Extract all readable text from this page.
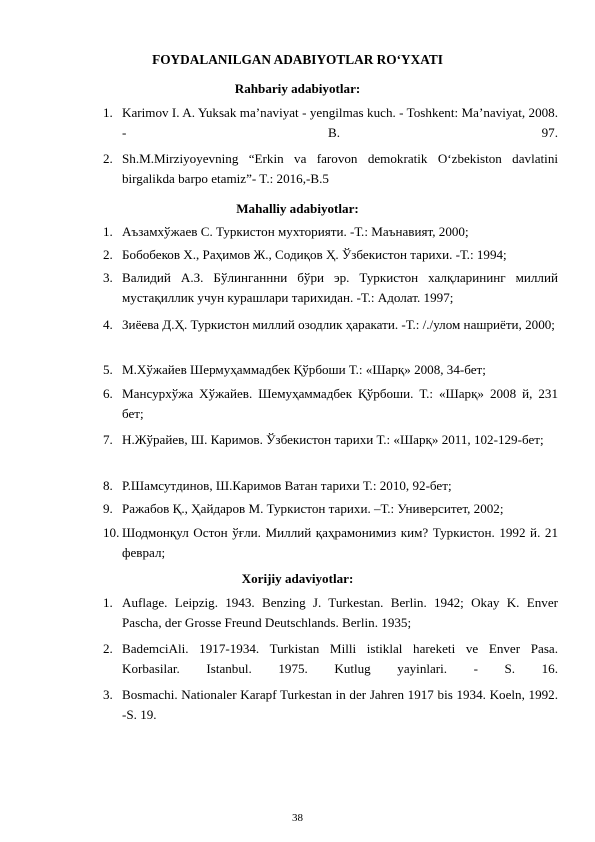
FOYDALANILGAN ADABIYOTLAR RO‘YXATI
Rahbariy adabiyotlar:
1. Karimov I. A. Yuksak ma’naviyat - yengilmas kuch. - Toshkent: Ma’naviyat, 2008. - B. 97.
2. Sh.M.Mirziyoyevning “Erkin va farovon demokratik O‘zbekiston davlatini birgalikda barpo etamiz”- T.: 2016,-B.5
Mahalliy adabiyotlar:
1. Аъзамхўжаев С. Туркистон мухторияти. -Т.: Маънавият, 2000;
2. Бобобеков Х., Раҳимов Ж., Содиқов Ҳ. Ўзбекистон тарихи. -Т.: 1994;
3. Валидий А.З. Бўлинганнни бўри эр. Туркистон халқларининг миллий мустақиллик учун курашлари тарихидан. -Т.: Адолат. 1997;
4. Зиёева Д.Ҳ. Туркистон миллий озодлик ҳаракати. -Т.: /./улом нашриёти, 2000;
5. М.Хўжайев Шермуҳаммадбек Қўрбоши Т.: «Шарқ» 2008, 34-бет;
6. Мансурхўжа Хўжайев. Шемуҳаммадбек Қўрбоши. Т.: «Шарқ» 2008 й, 231 бет;
7. Н.Жўрайев, Ш. Каримов. Ўзбекистон тарихи Т.: «Шарқ» 2011, 102-129-бет;
8. Р.Шамсутдинов, Ш.Каримов Ватан тарихи Т.: 2010, 92-бет;
9. Ражабов Қ., Ҳайдаров М. Туркистон тарихи. –Т.: Университет, 2002;
10. Шодмонқул Остон ўғли. Миллий қаҳрамонимиз ким? Туркистон. 1992 й. 21 феврал;
Xorijiy adaviyotlar:
1. Auflage. Leipzig. 1943. Benzing J. Turkestan. Berlin. 1942; Okay K. Enver Pascha, der Grosse Freund Deutschlands. Berlin. 1935;
2. BademciAli. 1917-1934. Turkistan Milli istiklal hareketi ve Enver Pasa. Korbasilar. Istanbul. 1975. Kutlug yayinlari. - S. 16.
3. Bosmachi. Nationaler Karapf Turkestan in der Jahren 1917 bis 1934. Koeln, 1992. -S. 19.
38
